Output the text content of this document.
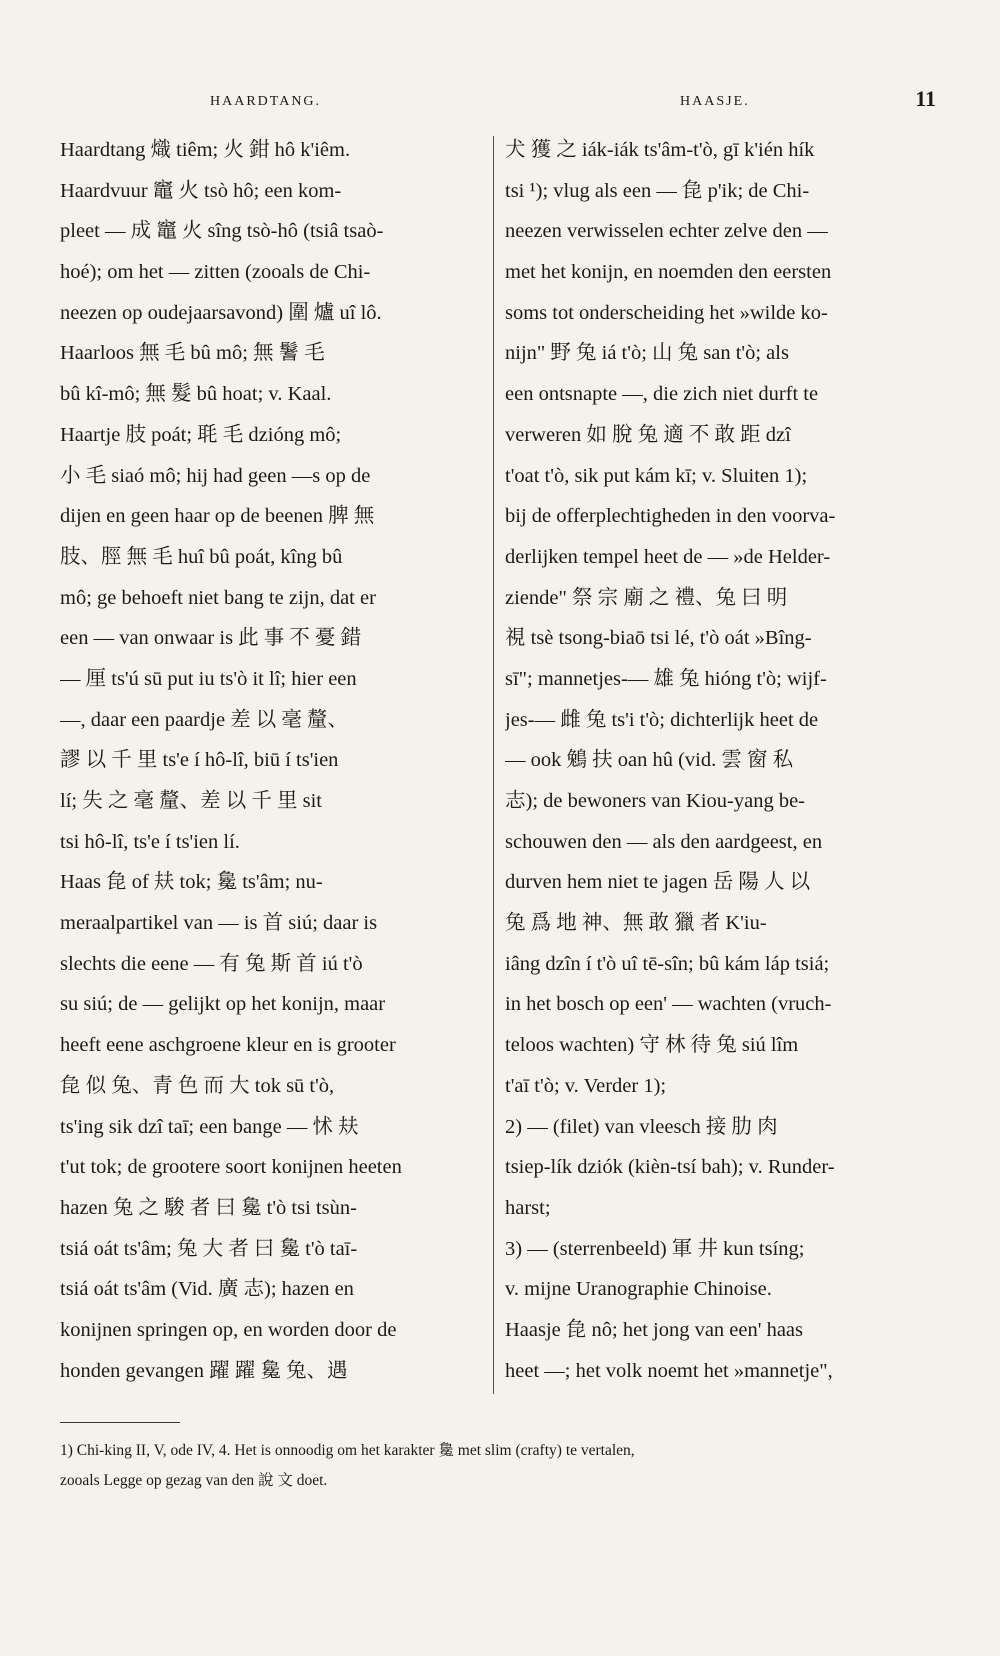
HAARDTANG.	HAASJE.	11
Haardtang 熾 tiêm; 火 鉗 hô k'iêm.
Haardvuur 竈 火 tsò hô; een kom-
pleet — 成 竈 火 sîng tsò-hô (tsiâ tsaò-
hoé); om het — zitten (zooals de Chi-
neezen op oudejaarsavond) 圍 爐 uî lô.
Haarloos 無 毛 bû mô; 無 鬐 毛
bû kî-mô; 無 髮 bû hoat; v. Kaal.
Haartje 肢 poát; 毦 毛 dzióng mô;
小 毛 siaó mô; hij had geen —s op de
dijen en geen haar op de beenen 脾 無
肢、脛 無 毛 huî bû poát, kîng bû
mô; ge behoeft niet bang te zijn, dat er
een — van onwaar is 此 事 不 憂 錯
— 厘 ts'ú sū put iu ts'ò it lî; hier een
—, daar een paardje 差 以 毫 釐、
謬 以 千 里 ts'e í hô-lî, biū í ts'ien
lí; 失 之 毫 釐、差 以 千 里 sit
tsi hô-lî, ts'e í ts'ien lí.
Haas 㲋 of 㚘 tok; 毚 ts'âm; nu-
meraalpartikel van — is 首 siú; daar is
slechts die eene — 有 兔 斯 首 iú t'ò
su siú; de — gelijkt op het konijn, maar
heeft eene aschgroene kleur en is grooter
㲋 似 兔、青 色 而 大 tok sū t'ò,
ts'ing sik dzî taī; een bange — 怵 㚘
t'ut tok; de grootere soort konijnen heeten
hazen 兔 之 駿 者 曰 毚 t'ò tsi tsùn-
tsiá oát ts'âm; 兔 大 者 曰 毚 t'ò taī-
tsiá oát ts'âm (Vid. 廣 志); hazen en
konijnen springen op, en worden door de
honden gevangen 躍 躍 毚 兔、遇
犬 獲 之 iák-iák ts'âm-t'ò, gī k'ién hík
tsi ¹); vlug als een — 㲋 p'ik; de Chi-
neezen verwisselen echter zelve den —
met het konijn, en noemden den eersten
soms tot onderscheiding het »wilde ko-
nijn" 野 兔 iá t'ò; 山 兔 san t'ò; als
een ontsnapte —, die zich niet durft te
verweren 如 脫 兔 適 不 敢 距 dzî
t'oat t'ò, sik put kám kī; v. Sluiten 1);
bij de offerplechtigheden in den voorva-
derlijken tempel heet de — »de Helder-
ziende" 祭 宗 廟 之 禮、兔 曰 明
視 tsè tsong-biaō tsi lé, t'ò oát »Bîng-
sī"; mannetjes-— 雄 兔 hióng t'ò; wijf-
jes-— 雌 兔 ts'i t'ò; dichterlijk heet de
— ook 鵵 扶 oan hû (vid. 雲 窗 私
志); de bewoners van Kiou-yang be-
schouwen den — als den aardgeest, en
durven hem niet te jagen 岳 陽 人 以
兔 爲 地 神、無 敢 獵 者 K'iu-
iâng dzîn í t'ò uî tē-sîn; bû kám láp tsiá;
in het bosch op een' — wachten (vruch-
teloos wachten) 守 林 待 兔 siú lîm
t'aī t'ò; v. Verder 1);
2) — (filet) van vleesch 接 肋 肉
tsiep-lík dziók (kièn-tsí bah); v. Runder-
harst;
3) — (sterrenbeeld) 軍 井 kun tsíng;
v. mijne Uranographie Chinoise.
Haasje 㲋 nô; het jong van een' haas
heet —; het volk noemt het »mannetje",
1) Chi-king II, V, ode IV, 4. Het is onnoodig om het karakter 毚 met slim (crafty) te vertalen,
zooals Legge op gezag van den 說 文 doet.
